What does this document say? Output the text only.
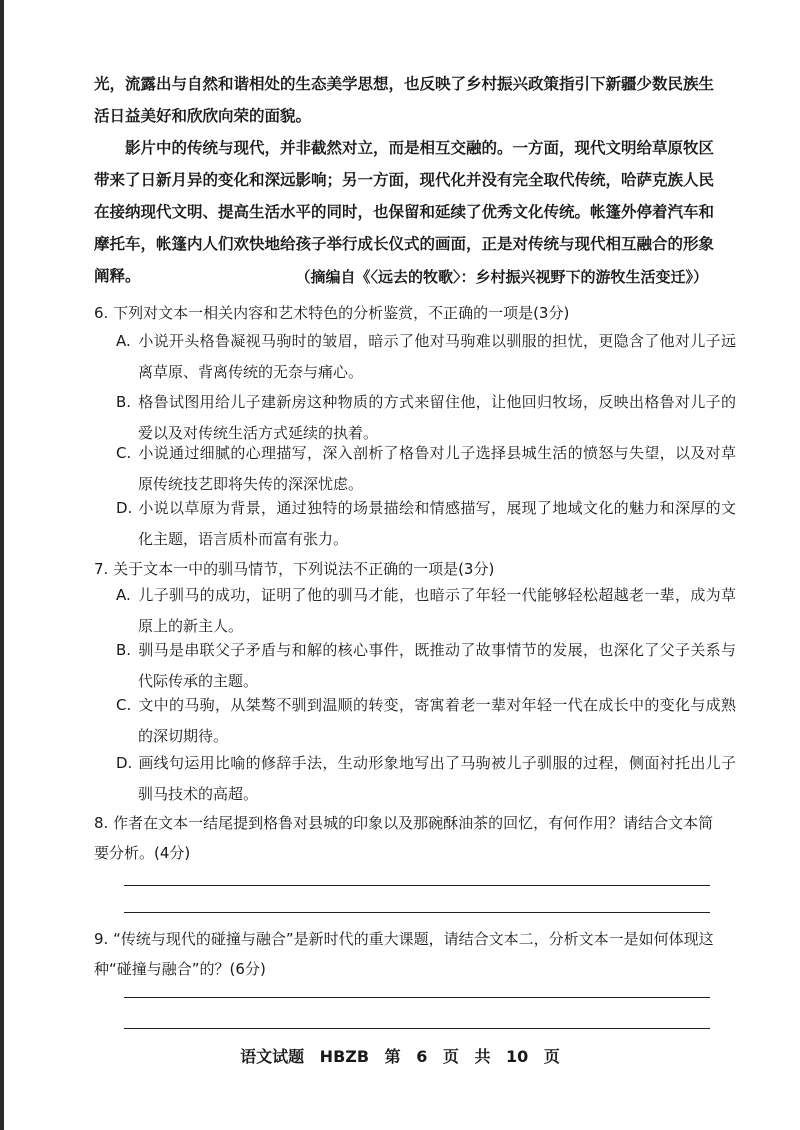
光，流露出与自然和谐相处的生态美学思想，也反映了乡村振兴政策指引下新疆少数民族生活日益美好和欣欣向荣的面貌。

影片中的传统与现代，并非截然对立，而是相互交融的。一方面，现代文明给草原牧区带来了日新月异的变化和深远影响；另一方面，现代化并没有完全取代传统，哈萨克族人民在接纳现代文明、提高生活水平的同时，也保留和延续了优秀文化传统。帐篷外停着汽车和摩托车，帐篷内人们欢快地给孩子举行成长仪式的画面，正是对传统与现代相互融合的形象阐释。	（摘编自《〈远去的牧歌〉：乡村振兴视野下的游牧生活变迁》）

6. 下列对文本一相关内容和艺术特色的分析鉴赏，不正确的一项是(3分)

A. 小说开头格鲁凝视马驹时的皱眉，暗示了他对马驹难以驯服的担忧，更隐含了他对儿子远离草原、背离传统的无奈与痛心。

B. 格鲁试图用给儿子建新房这种物质的方式来留住他，让他回归牧场，反映出格鲁对儿子的爱以及对传统生活方式延续的执着。

C. 小说通过细腻的心理描写，深入剖析了格鲁对儿子选择县城生活的愤怒与失望，以及对草原传统技艺即将失传的深深忧虑。

D. 小说以草原为背景，通过独特的场景描绘和情感描写，展现了地域文化的魅力和深厚的文化主题，语言质朴而富有张力。

7. 关于文本一中的驯马情节，下列说法不正确的一项是(3分)

A. 儿子驯马的成功，证明了他的驯马才能，也暗示了年轻一代能够轻松超越老一辈，成为草原上的新主人。

B. 驯马是串联父子矛盾与和解的核心事件，既推动了故事情节的发展，也深化了父子关系与代际传承的主题。

C. 文中的马驹，从桀骜不驯到温顺的转变，寄寓着老一辈对年轻一代在成长中的变化与成熟的深切期待。

D. 画线句运用比喻的修辞手法，生动形象地写出了马驹被儿子驯服的过程，侧面衬托出儿子驯马技术的高超。

8. 作者在文本一结尾提到格鲁对县城的印象以及那碗酥油茶的回忆，有何作用？请结合文本简要分析。(4分)

9. “传统与现代的碰撞与融合”是新时代的重大课题，请结合文本二，分析文本一是如何体现这种“碰撞与融合”的？(6分)

语文试题 HBZB 第 6 页 共 10 页
